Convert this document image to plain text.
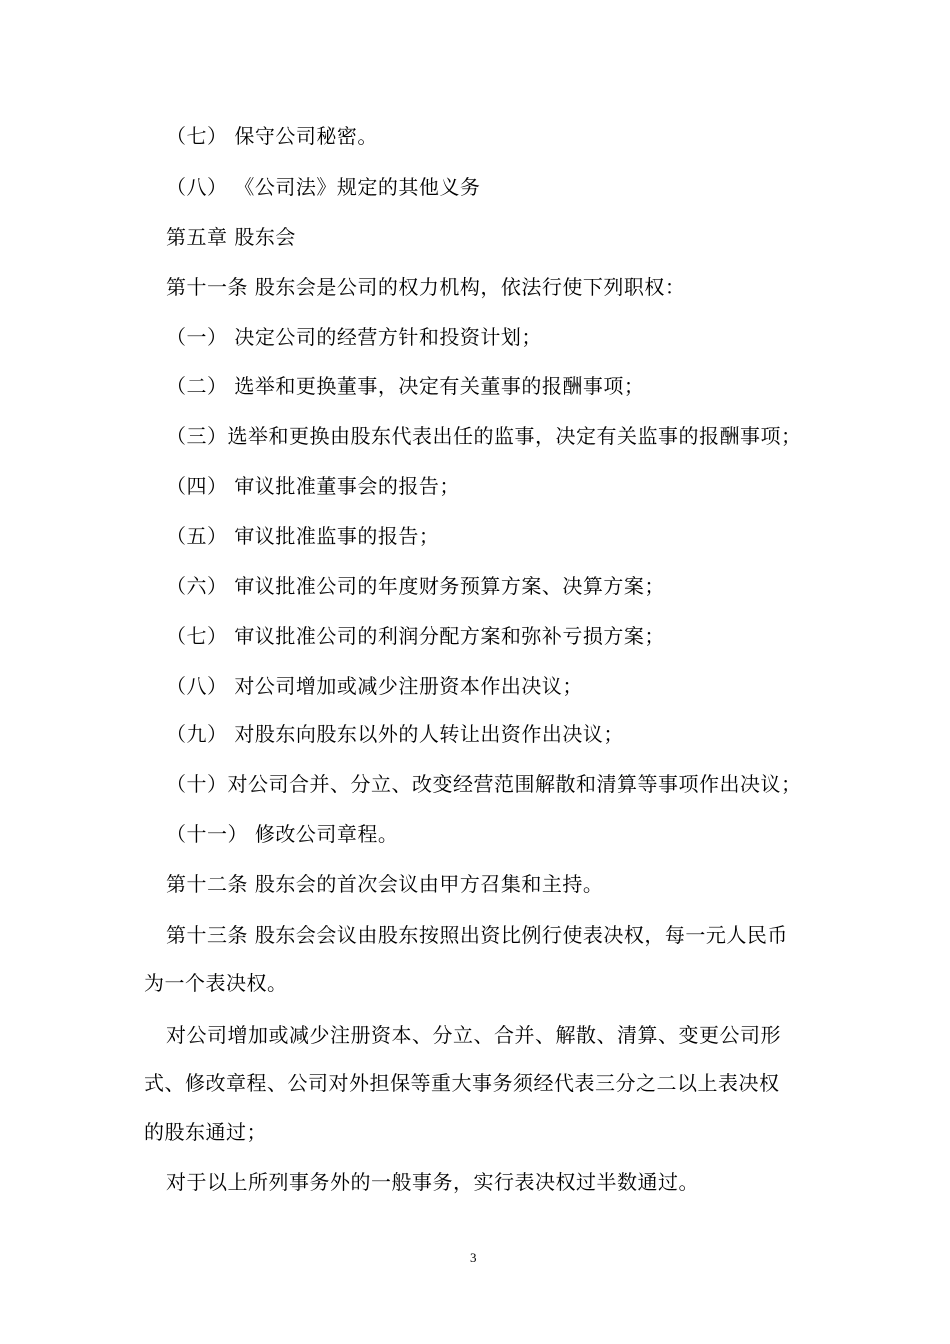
（七） 保守公司秘密。
（八） 《公司法》规定的其他义务
第五章 股东会
第十一条 股东会是公司的权力机构，依法行使下列职权：
（一） 决定公司的经营方针和投资计划；
（二） 选举和更换董事，决定有关董事的报酬事项；
（三）选举和更换由股东代表出任的监事，决定有关监事的报酬事项；
（四） 审议批准董事会的报告；
（五） 审议批准监事的报告；
（六） 审议批准公司的年度财务预算方案、决算方案；
（七） 审议批准公司的利润分配方案和弥补亏损方案；
（八） 对公司增加或减少注册资本作出决议；
（九） 对股东向股东以外的人转让出资作出决议；
（十）对公司合并、分立、改变经营范围解散和清算等事项作出决议；
（十一） 修改公司章程。
第十二条 股东会的首次会议由甲方召集和主持。
第十三条 股东会会议由股东按照出资比例行使表决权，每一元人民币
为一个表决权。
对公司增加或减少注册资本、分立、合并、解散、清算、变更公司形
式、修改章程、公司对外担保等重大事务须经代表三分之二以上表决权
的股东通过；
对于以上所列事务外的一般事务，实行表决权过半数通过。
3
